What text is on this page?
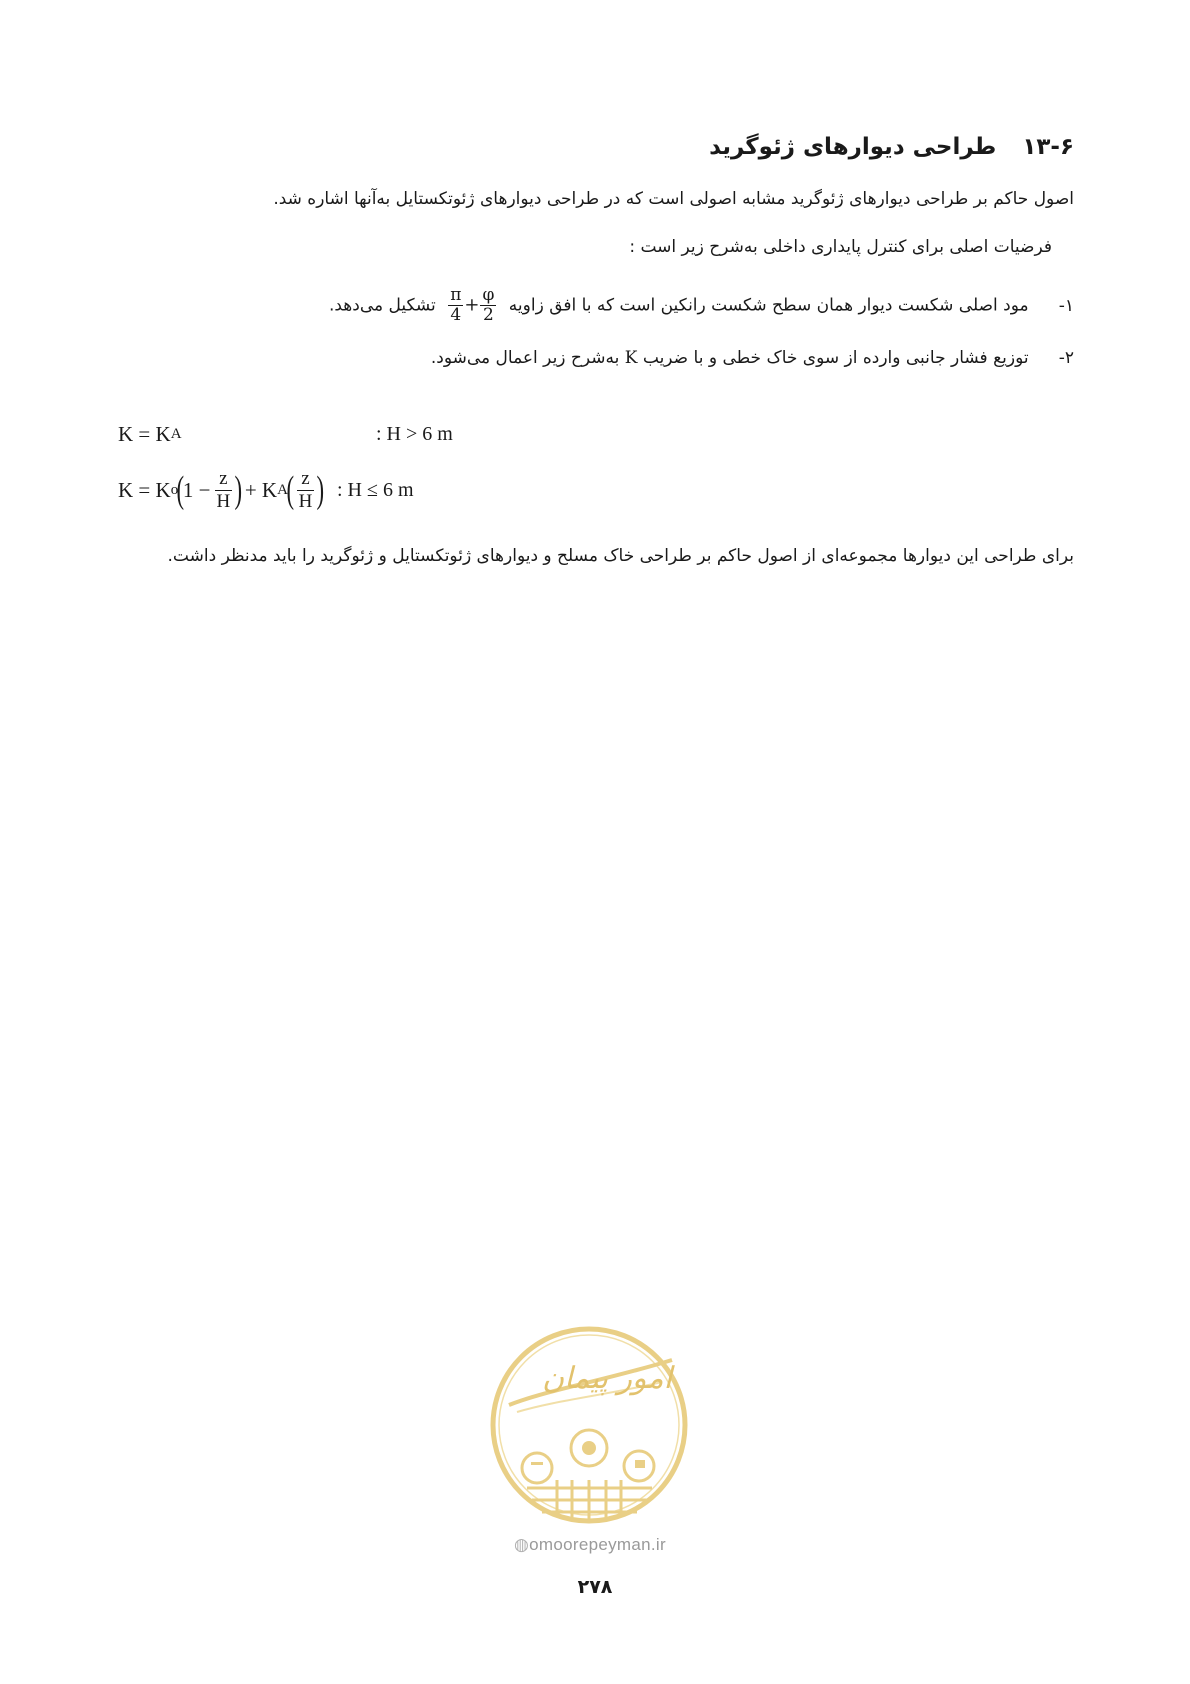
۱۳-۶طراحی دیوارهای ژئوگرید
اصول حاکم بر طراحی دیوارهای ژئوگرید مشابه اصولی است که در طراحی دیوارهای ژئوتکستایل به‌آنها اشاره شد.
فرضیات اصلی برای کنترل پایداری داخلی به‌شرح زیر است :
۱- مود اصلی شکست دیوار همان سطح شکست رانکین است که با افق زاویه
$\frac{\pi}{4} + \frac{\varphi}{2}$
تشکیل می‌دهد.
۲- توزیع فشار جانبی وارده از سوی خاک خطی و با ضریب K به‌شرح زیر اعمال می‌شود.
K = K A	: H > 6 m
K = K o
(
$1 - \frac{z}{H}$ ) + K A
( $\frac{z}{H}$ ) : H ≤ 6 m
برای طراحی این دیوارها مجموعه‌ای از اصول حاکم بر طراحی خاک مسلح و دیوارهای ژئوتکستایل و ژئوگرید را باید مدنظر داشت.
امور پیمان
◍omoorepeyman.ir
۲۷۸
